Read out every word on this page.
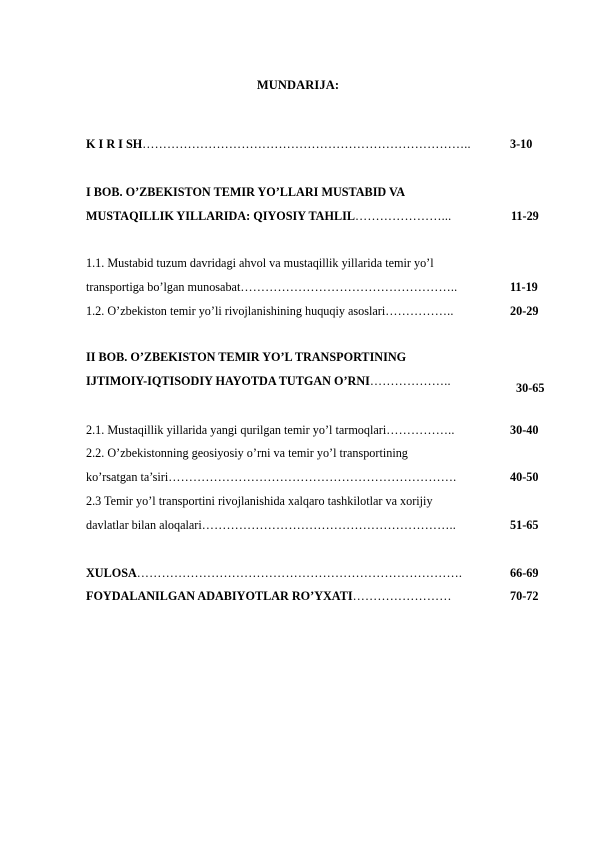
MUNDARIJA:
K I R I SH……………………………………………………………………..	3-10
I BOB. O’ZBEKISTON TEMIR YO’LLARI MUSTABID VA
MUSTAQILLIK YILLARIDA: QIYOSIY TAHLIL…………………...	11-29
1.1. Mustabid tuzum davridagi ahvol va mustaqillik yillarida temir yo’l
transportiga bo’lgan munosabat……………………………………………..	11-19
1.2. O’zbekiston temir yo’li rivojlanishining huquqiy asoslari……………..	20-29
II BOB. O’ZBEKISTON TEMIR YO’L TRANSPORTINING
IJTIMOIY-IQTISODIY HAYOTDA TUTGAN O’RNI………………..	30-65
2.1. Mustaqillik yillarida yangi qurilgan temir yo’l tarmoqlari……………..	30-40
2.2. O’zbekistonning geosiyosiy o’rni va temir yo’l transportining
ko’rsatgan ta’siri…………………………………………………………….	40-50
2.3 Temir yo’l transportini rivojlanishida xalqaro tashkilotlar va xorijiy
davlatlar bilan aloqalari……………………………………………………..	51-65
XULOSA…………………………………………………………………….	66-69
FOYDALANILGAN ADABIYOTLAR RO’YXATI……………………	70-72
